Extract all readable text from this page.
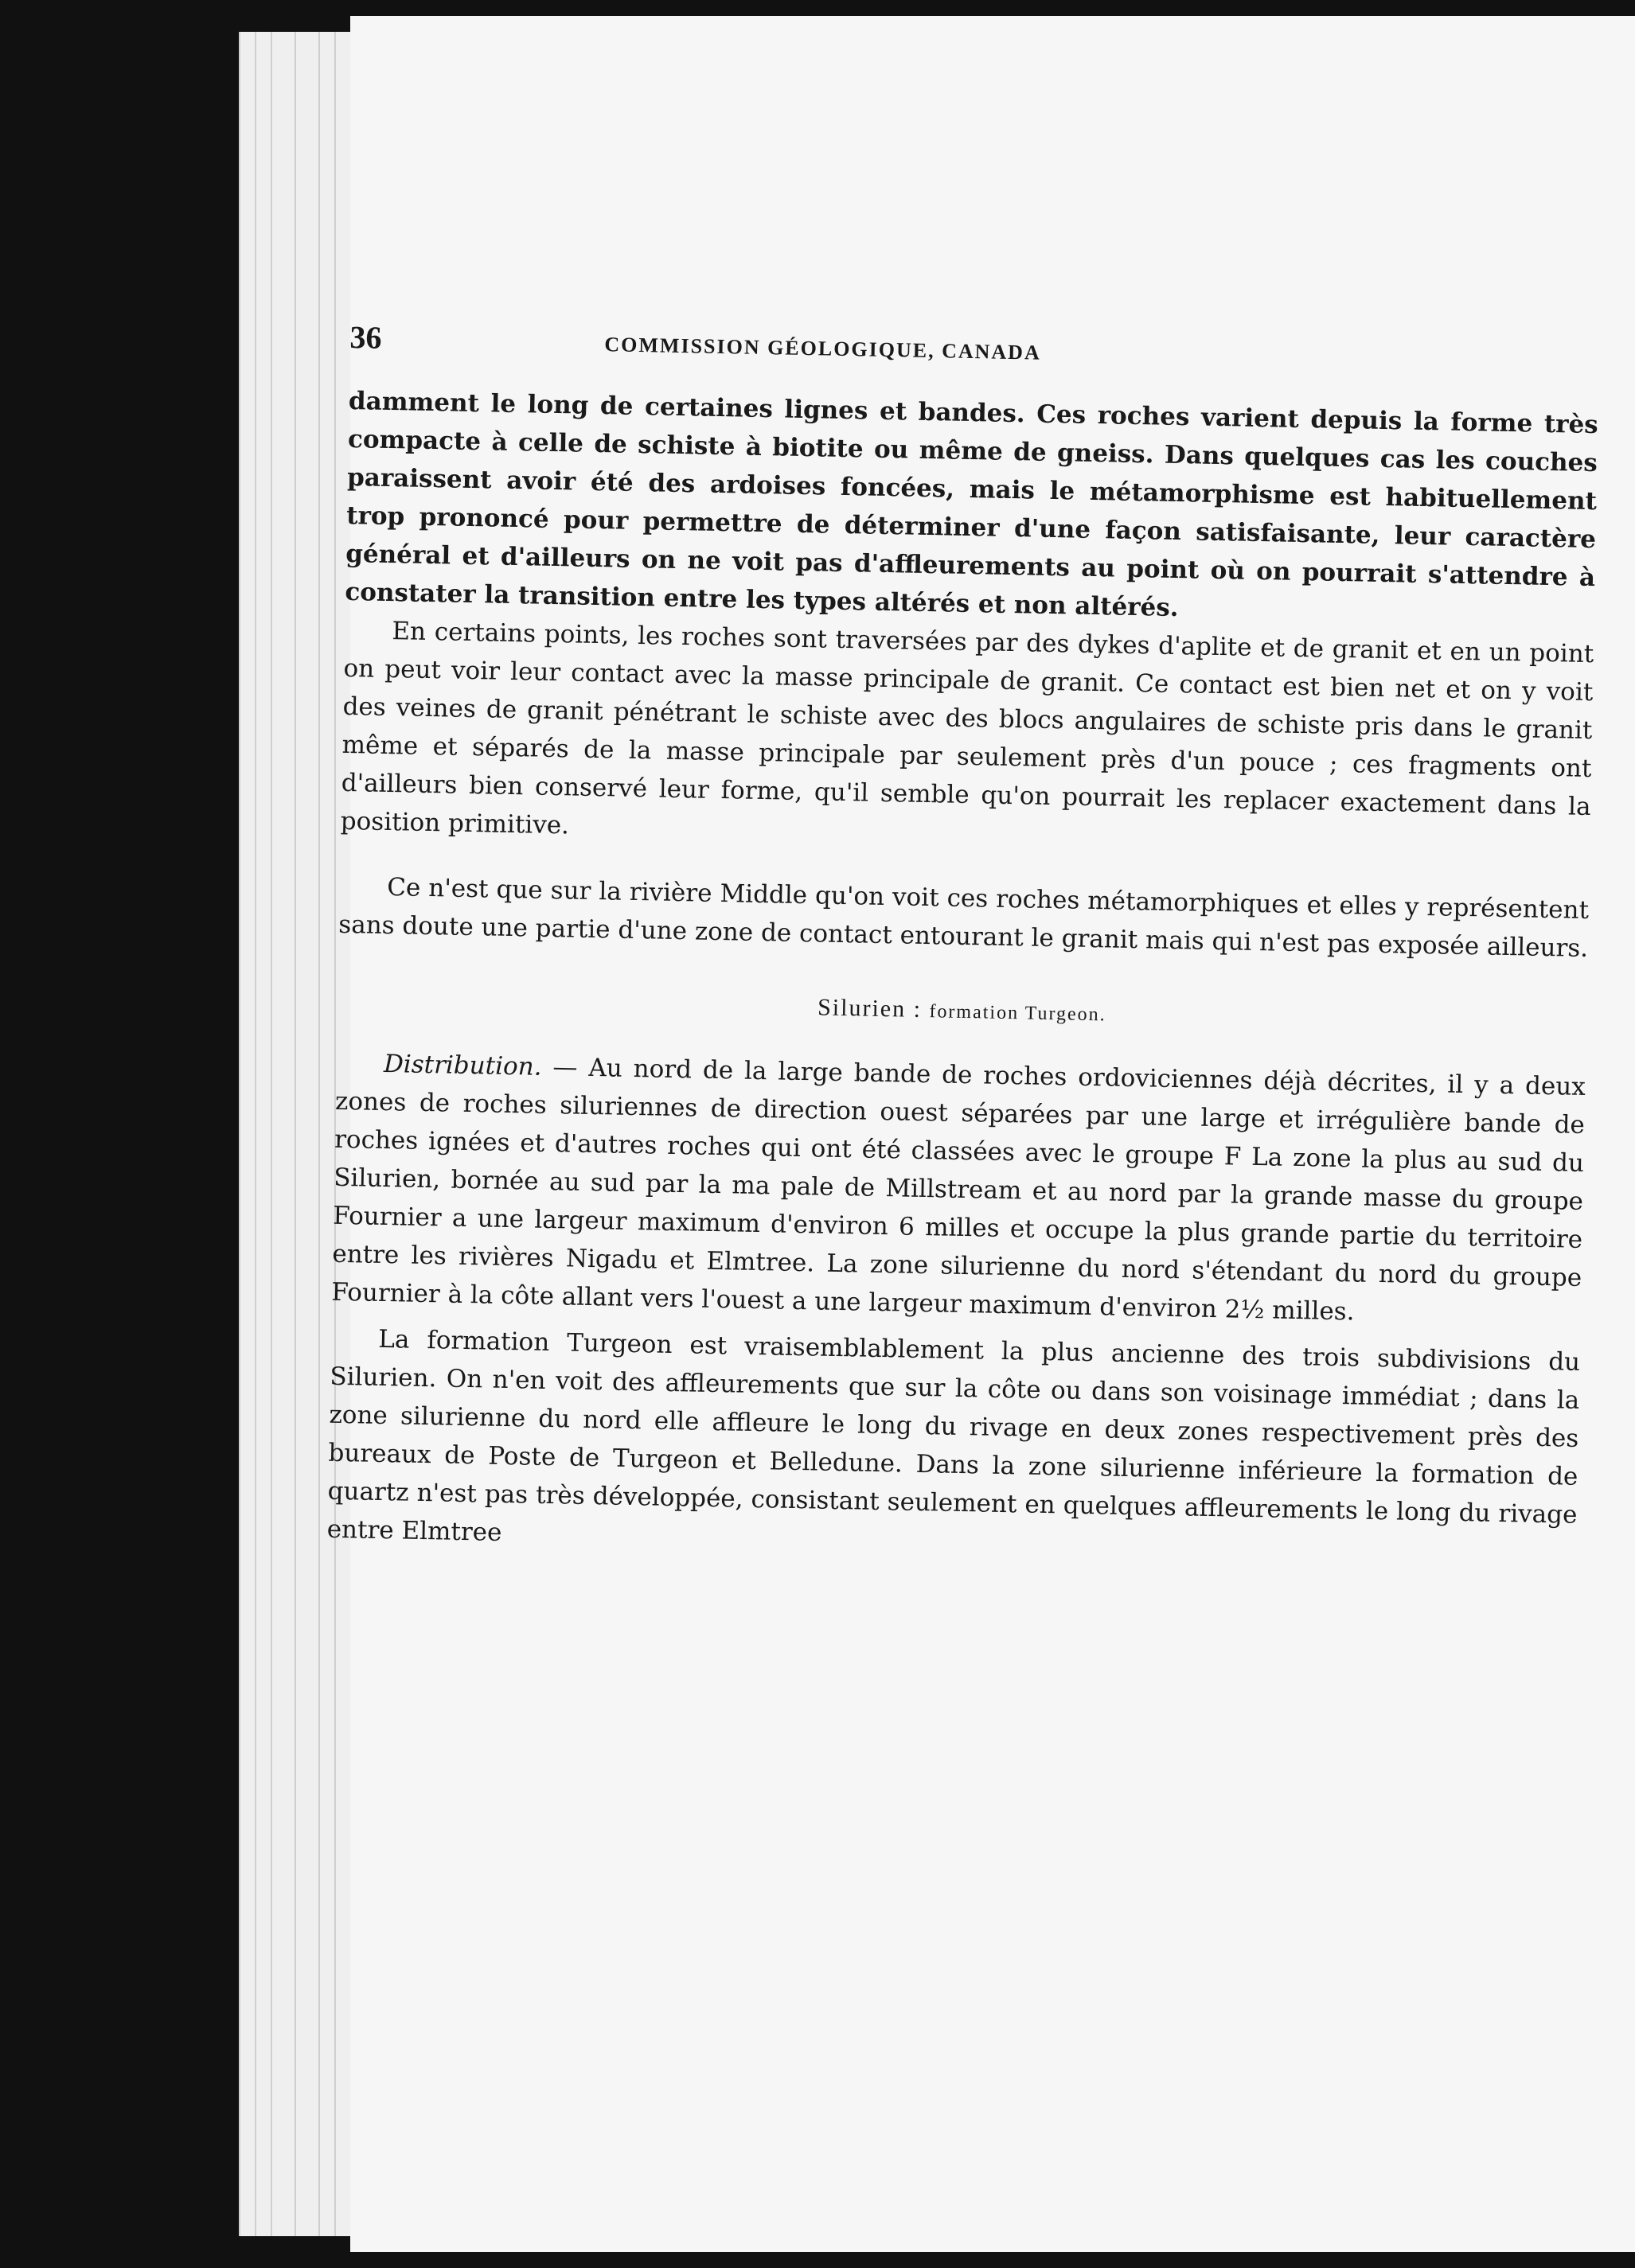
36	COMMISSION GÉOLOGIQUE, CANADA

damment le long de certaines lignes et bandes. Ces roches varient depuis la forme très compacte à celle de schiste à biotite ou même de gneiss. Dans quelques cas les couches paraissent avoir été des ardoises foncées, mais le métamorphisme est habituellement trop prononcé pour permettre de déterminer d'une façon satisfaisante, leur caractère général et d'ailleurs on ne voit pas d'affleurements au point où on pourrait s'attendre à constater la transition entre les types altérés et non altérés.

En certains points, les roches sont traversées par des dykes d'aplite et de granit et en un point on peut voir leur contact avec la masse principale de granit. Ce contact est bien net et on y voit des veines de granit pénétrant le schiste avec des blocs angulaires de schiste pris dans le granit même et séparés de la masse principale par seulement près d'un pouce ; ces fragments ont d'ailleurs bien conservé leur forme, qu'il semble qu'on pourrait les replacer exactement dans la position primitive.

Ce n'est que sur la rivière Middle qu'on voit ces roches métamorphiques et elles y représentent sans doute une partie d'une zone de contact entourant le granit mais qui n'est pas exposée ailleurs.

Silurien : formation Turgeon.

Distribution. — Au nord de la large bande de roches ordoviciennes déjà décrites, il y a deux zones de roches siluriennes de direction ouest séparées par une large et irrégulière bande de roches ignées et d'autres roches qui ont été classées avec le groupe F La zone la plus au sud du Silurien, bornée au sud par la ma pale de Millstream et au nord par la grande masse du groupe Fournier a une largeur maximum d'environ 6 milles et occupe la plus grande partie du territoire entre les rivières Nigadu et Elmtree. La zone silurienne du nord s'étendant du nord du groupe Fournier à la côte allant vers l'ouest a une largeur maximum d'environ 2½ milles.

La formation Turgeon est vraisemblablement la plus ancienne des trois subdivisions du Silurien. On n'en voit des affleurements que sur la côte ou dans son voisinage immédiat ; dans la zone silurienne du nord elle affleure le long du rivage en deux zones respectivement près des bureaux de Poste de Turgeon et Belledune. Dans la zone silurienne inférieure la formation de quartz n'est pas très développée, consistant seulement en quelques affleurements le long du rivage entre Elmtree
